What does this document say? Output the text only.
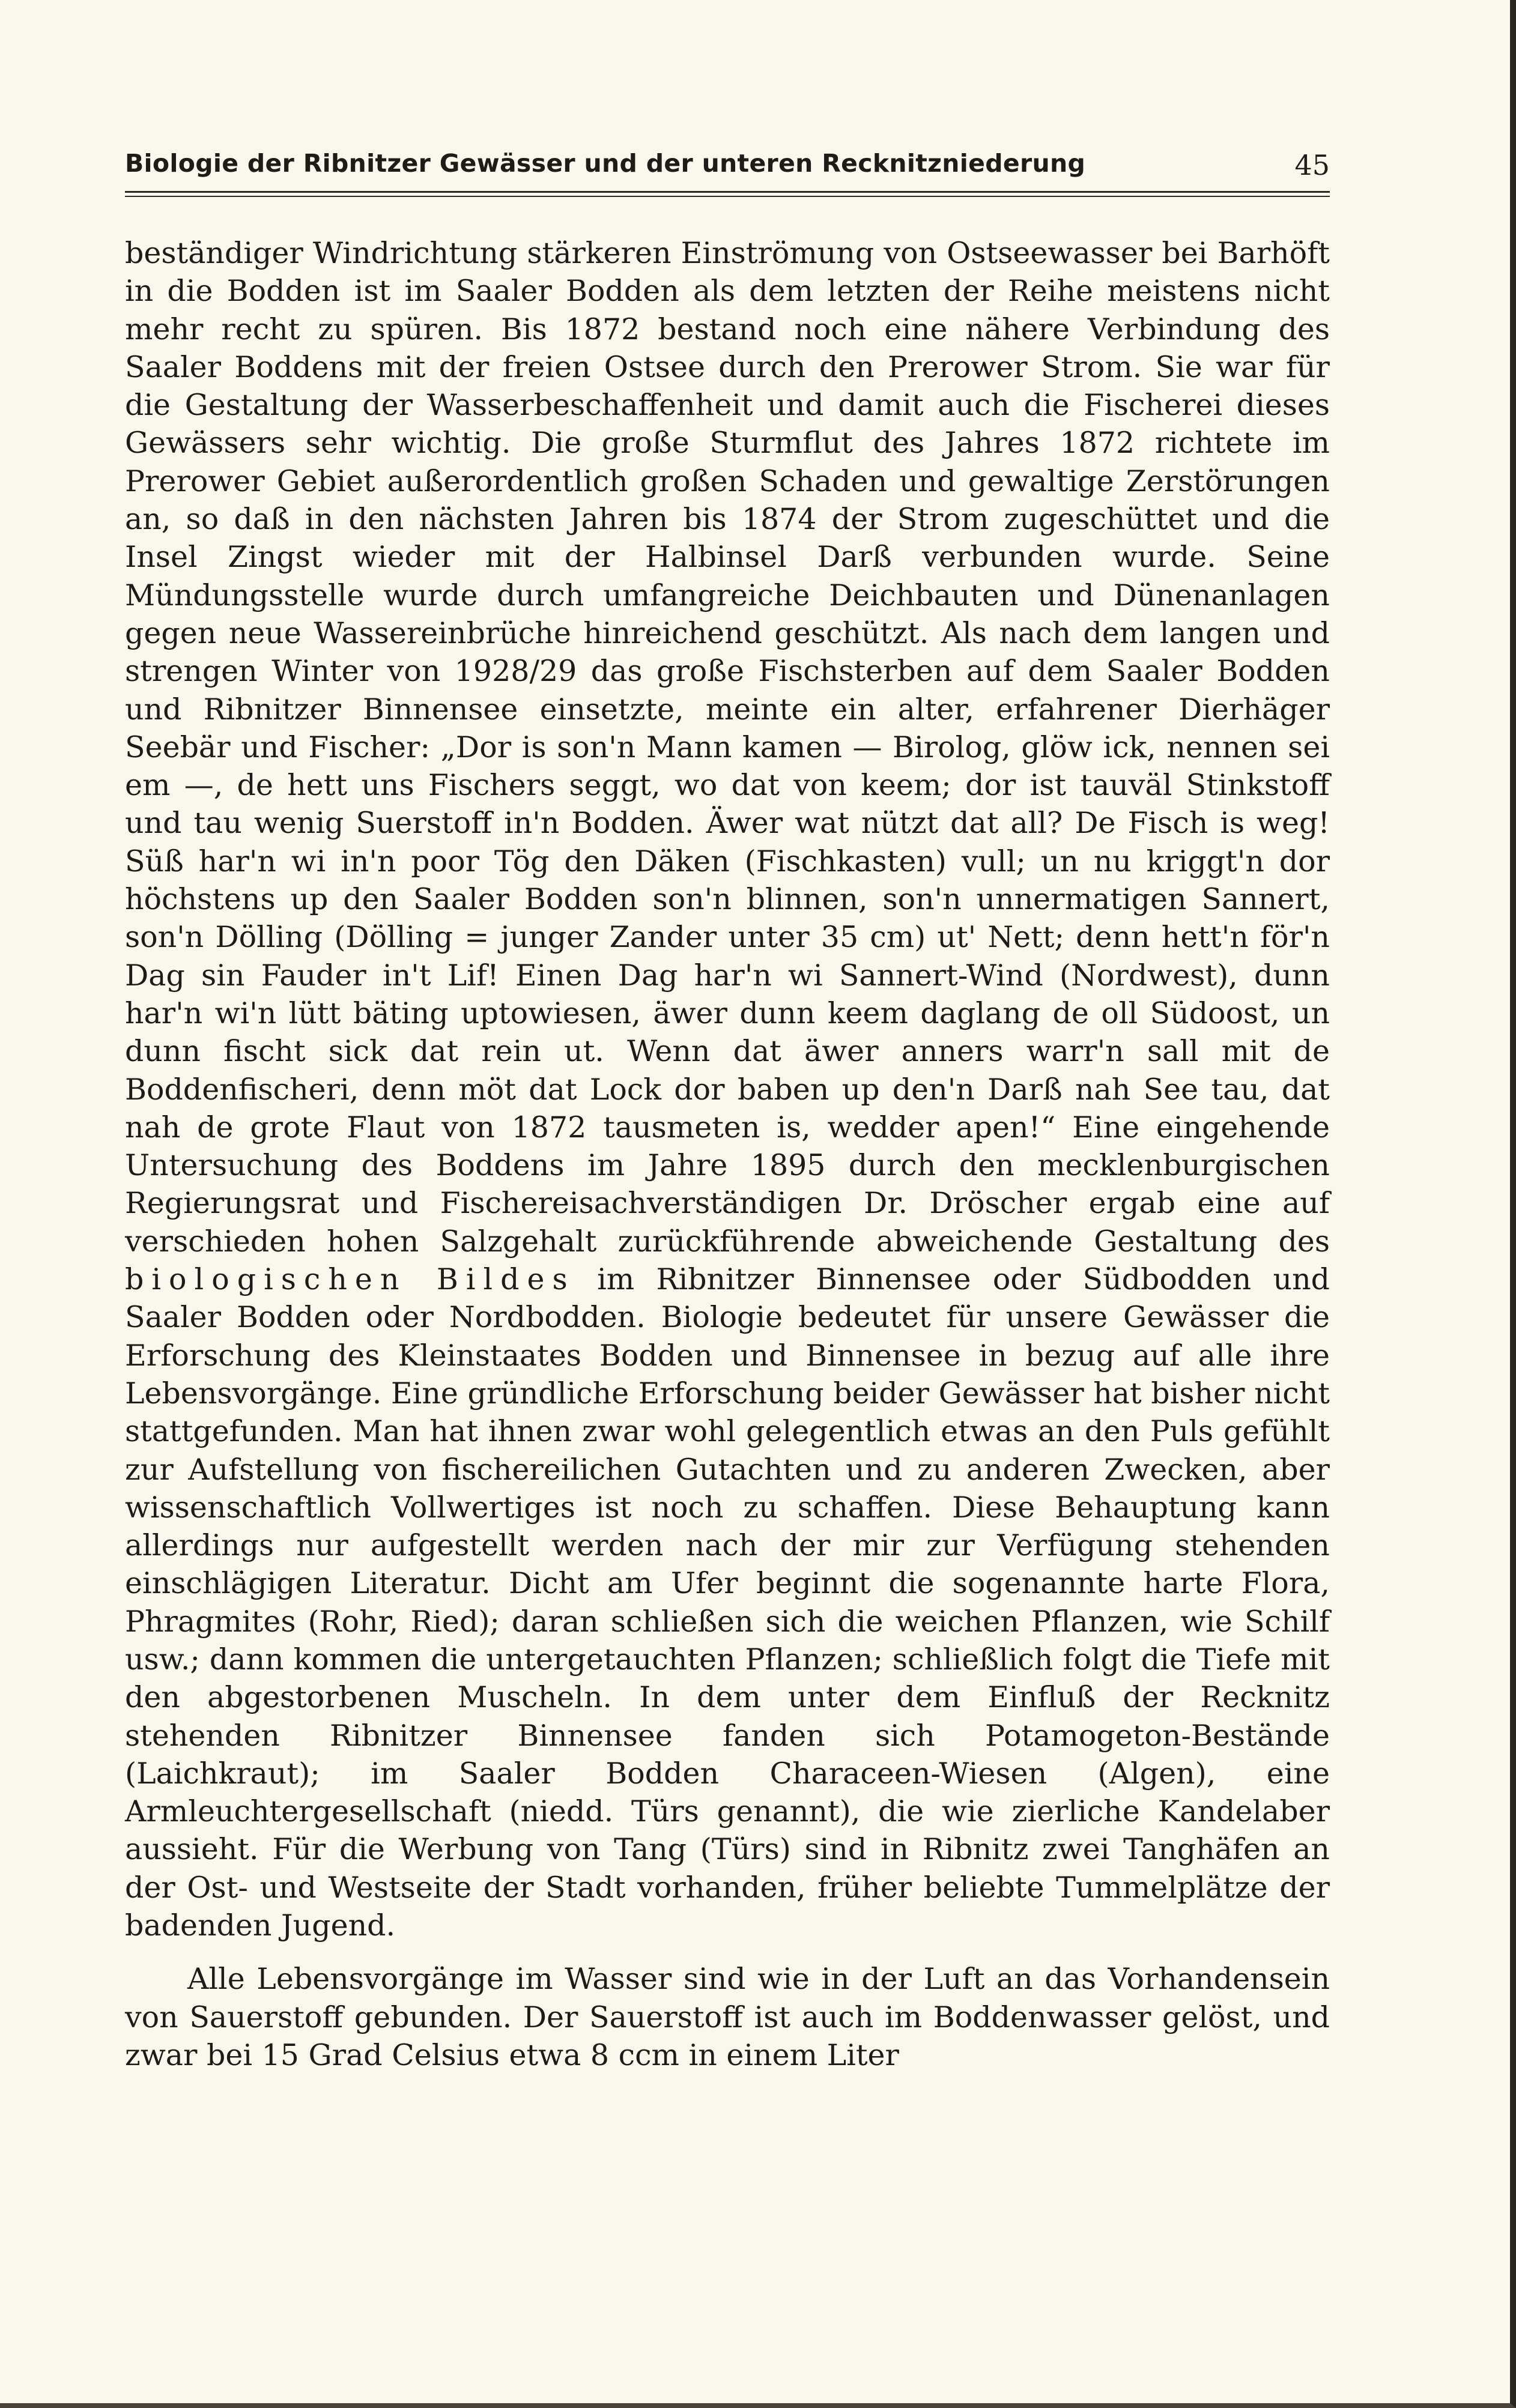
Biologie der Ribnitzer Gewässer und der unteren Recknitzniederung	45

beständiger Windrichtung stärkeren Einströmung von Ostseewasser bei Barhöft in die Bodden ist im Saaler Bodden als dem letzten der Reihe meistens nicht mehr recht zu spüren. Bis 1872 bestand noch eine nähere Verbindung des Saaler Boddens mit der freien Ostsee durch den Prerower Strom. Sie war für die Gestaltung der Wasserbeschaffenheit und damit auch die Fischerei dieses Gewässers sehr wichtig. Die große Sturmflut des Jahres 1872 richtete im Prerower Gebiet außerordentlich großen Schaden und gewaltige Zerstörungen an, so daß in den nächsten Jahren bis 1874 der Strom zugeschüttet und die Insel Zingst wieder mit der Halbinsel Darß verbunden wurde. Seine Mündungsstelle wurde durch umfangreiche Deichbauten und Dünenanlagen gegen neue Wassereinbrüche hinreichend geschützt. Als nach dem langen und strengen Winter von 1928/29 das große Fischsterben auf dem Saaler Bodden und Ribnitzer Binnensee einsetzte, meinte ein alter, erfahrener Dierhäger Seebär und Fischer: „Dor is son'n Mann kamen — Birolog, glöw ick, nennen sei em —, de hett uns Fischers seggt, wo dat von keem; dor ist tauväl Stinkstoff und tau wenig Suerstoff in'n Bodden. Äwer wat nützt dat all? De Fisch is weg! Süß har'n wi in'n poor Tög den Däken (Fischkasten) vull; un nu kriggt'n dor höchstens up den Saaler Bodden son'n blinnen, son'n unnermatigen Sannert, son'n Dölling (Dölling = junger Zander unter 35 cm) ut' Nett; denn hett'n för'n Dag sin Fauder in't Lif! Einen Dag har'n wi Sannert-Wind (Nordwest), dunn har'n wi'n lütt bäting uptowiesen, äwer dunn keem daglang de oll Südoost, un dunn fischt sick dat rein ut. Wenn dat äwer anners warr'n sall mit de Boddenfischeri, denn möt dat Lock dor baben up den'n Darß nah See tau, dat nah de grote Flaut von 1872 tausmeten is, wedder apen!“ Eine eingehende Untersuchung des Boddens im Jahre 1895 durch den mecklenburgischen Regierungsrat und Fischereisachverständigen Dr. Dröscher ergab eine auf verschieden hohen Salzgehalt zurückführende abweichende Gestaltung des biologischen Bildes im Ribnitzer Binnensee oder Südbodden und Saaler Bodden oder Nordbodden. Biologie bedeutet für unsere Gewässer die Erforschung des Kleinstaates Bodden und Binnensee in bezug auf alle ihre Lebensvorgänge. Eine gründliche Erforschung beider Gewässer hat bisher nicht stattgefunden. Man hat ihnen zwar wohl gelegentlich etwas an den Puls gefühlt zur Aufstellung von fischereilichen Gutachten und zu anderen Zwecken, aber wissenschaftlich Vollwertiges ist noch zu schaffen. Diese Behauptung kann allerdings nur aufgestellt werden nach der mir zur Verfügung stehenden einschlägigen Literatur. Dicht am Ufer beginnt die sogenannte harte Flora, Phragmites (Rohr, Ried); daran schließen sich die weichen Pflanzen, wie Schilf usw.; dann kommen die untergetauchten Pflanzen; schließlich folgt die Tiefe mit den abgestorbenen Muscheln. In dem unter dem Einfluß der Recknitz stehenden Ribnitzer Binnensee fanden sich Potamogeton-Bestände (Laichkraut); im Saaler Bodden Characeen-Wiesen (Algen), eine Armleuchtergesellschaft (niedd. Türs genannt), die wie zierliche Kandelaber aussieht. Für die Werbung von Tang (Türs) sind in Ribnitz zwei Tanghäfen an der Ost- und Westseite der Stadt vorhanden, früher beliebte Tummelplätze der badenden Jugend.

Alle Lebensvorgänge im Wasser sind wie in der Luft an das Vorhandensein von Sauerstoff gebunden. Der Sauerstoff ist auch im Boddenwasser gelöst, und zwar bei 15 Grad Celsius etwa 8 ccm in einem Liter
